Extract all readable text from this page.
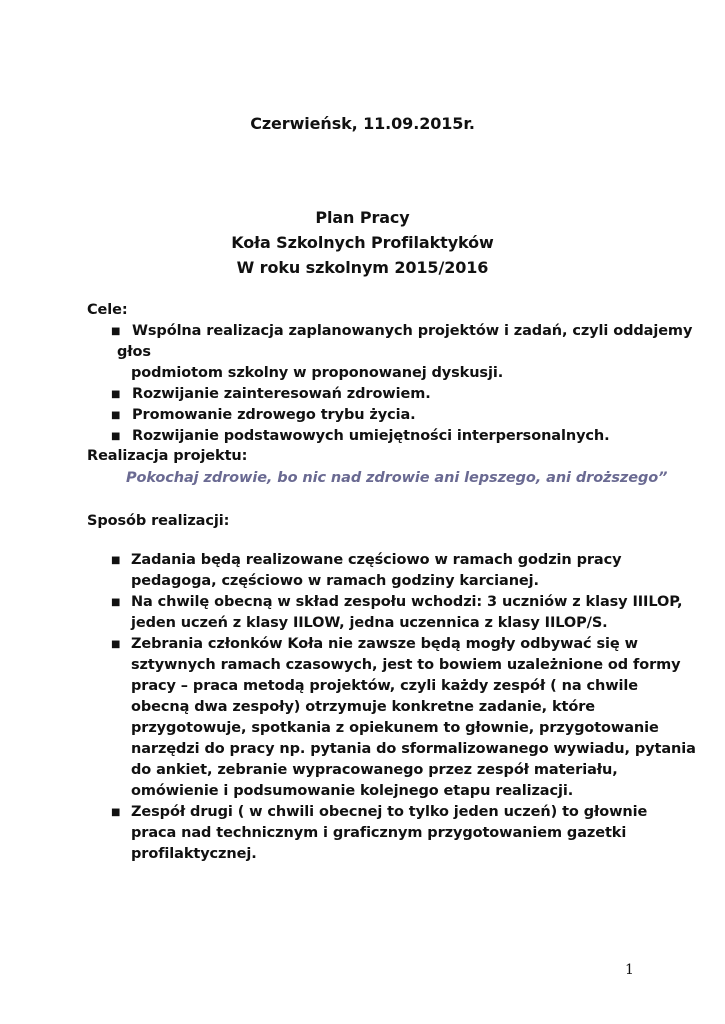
Czerwieńsk, 11.09.2015r.
Plan Pracy
Koła Szkolnych Profilaktyków
W roku szkolnym 2015/2016
Cele:
■ Wspólna realizacja zaplanowanych projektów i zadań, czyli oddajemy
głos
podmiotom szkolny w proponowanej dyskusji.
■ Rozwijanie zainteresowań zdrowiem.
■ Promowanie zdrowego trybu życia.
■ Rozwijanie podstawowych umiejętności interpersonalnych.
Realizacja projektu:
Pokochaj zdrowie, bo nic nad zdrowie ani lepszego, ani droższego”
Sposób realizacji:
■ Zadania będą realizowane częściowo w ramach godzin pracy
pedagoga, częściowo w ramach godziny karcianej.
■ Na chwilę obecną w skład zespołu wchodzi: 3 uczniów z klasy IIILOP,
jeden uczeń z klasy IILOW, jedna uczennica z klasy IILOP/S.
■ Zebrania członków Koła nie zawsze będą mogły odbywać się w
sztywnych ramach czasowych, jest to bowiem uzależnione od formy
pracy – praca metodą projektów, czyli każdy zespół ( na chwile
obecną dwa zespoły) otrzymuje konkretne zadanie, które
przygotowuje, spotkania z opiekunem to głownie, przygotowanie
narzędzi do pracy np. pytania do sformalizowanego wywiadu, pytania
do ankiet, zebranie wypracowanego przez zespół materiału,
omówienie i podsumowanie kolejnego etapu realizacji.
■ Zespół drugi ( w chwili obecnej to tylko jeden uczeń) to głownie
praca nad technicznym i graficznym przygotowaniem gazetki
profilaktycznej.
1
